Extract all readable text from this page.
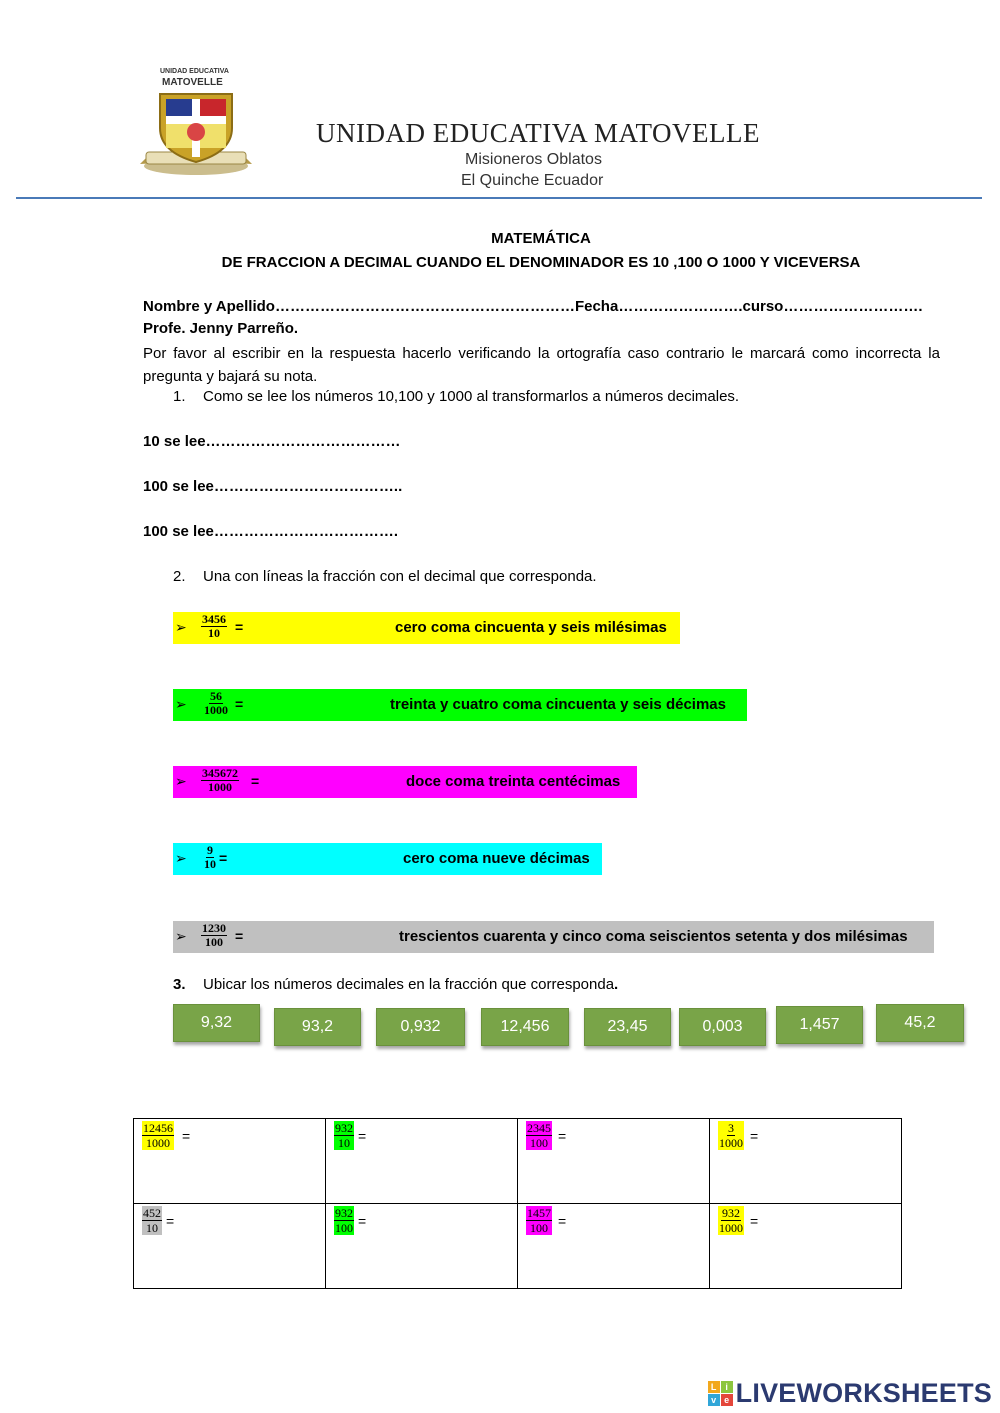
UNIDAD EDUCATIVA
MATOVELLE
UNIDAD EDUCATIVA MATOVELLE
Misioneros Oblatos
El Quinche Ecuador
MATEMÁTICA
DE FRACCION A DECIMAL CUANDO EL DENOMINADOR ES 10 ,100 O 1000 Y VICEVERSA
Nombre y Apellido……………………………………………………Fecha…………………….curso……………………….
Profe. Jenny Parreño.
Por favor al escribir en la respuesta hacerlo verificando la ortografía caso contrario le marcará como incorrecta la pregunta y bajará su nota.
1. Como se lee los números 10,100 y 1000 al transformarlos a números decimales.
10 se lee…………………………………
100 se lee………………………………..
100 se lee……………………………….
2. Una con líneas la fracción con el decimal que corresponda.
➢ $\frac{3456}{10}$ =	cero coma cincuenta y seis milésimas
➢ $\frac{56}{1000}$ =	treinta y cuatro coma cincuenta y seis décimas
➢ $\frac{345672}{1000}$ =	doce coma treinta centécimas
➢ $\frac{9}{10}$ =	cero coma nueve décimas
➢ $\frac{1230}{100}$ =	trescientos cuarenta y cinco coma seiscientos setenta y dos milésimas
3. Ubicar los números decimales en la fracción que corresponda.
9,32	93,2	0,932	12,456	23,45	0,003	1,457	45,2
$\frac{12456}{1000}$ =	$\frac{932}{10}$ =	$\frac{2345}{100}$ =	$\frac{3}{1000}$ =

$\frac{452}{10}$ =	$\frac{932}{100}$ =	$\frac{1457}{100}$ =	$\frac{932}{1000}$ =
L i
v e LIVEWORKSHEETS
